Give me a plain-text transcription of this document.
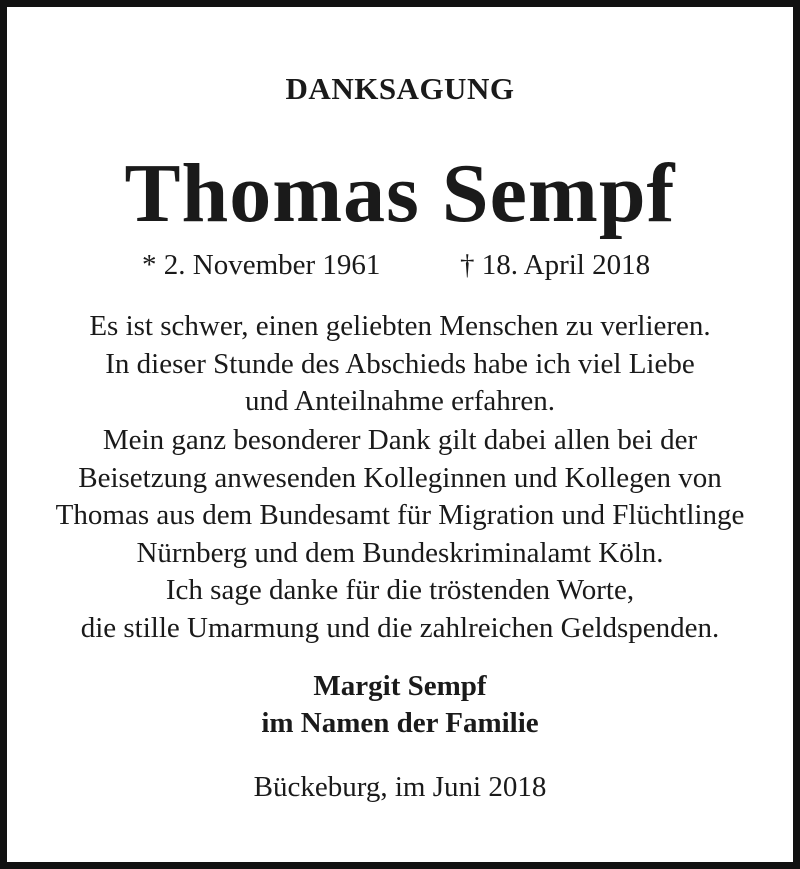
DANKSAGUNG
Thomas Sempf
* 2. November 1961	† 18. April 2018
Es ist schwer, einen geliebten Menschen zu verlieren.
In dieser Stunde des Abschieds habe ich viel Liebe
und Anteilnahme erfahren.
Mein ganz besonderer Dank gilt dabei allen bei der
Beisetzung anwesenden Kolleginnen und Kollegen von
Thomas aus dem Bundesamt für Migration und Flüchtlinge
Nürnberg und dem Bundeskriminalamt Köln.
Ich sage danke für die tröstenden Worte,
die stille Umarmung und die zahlreichen Geldspenden.
Margit Sempf
im Namen der Familie
Bückeburg, im Juni 2018
